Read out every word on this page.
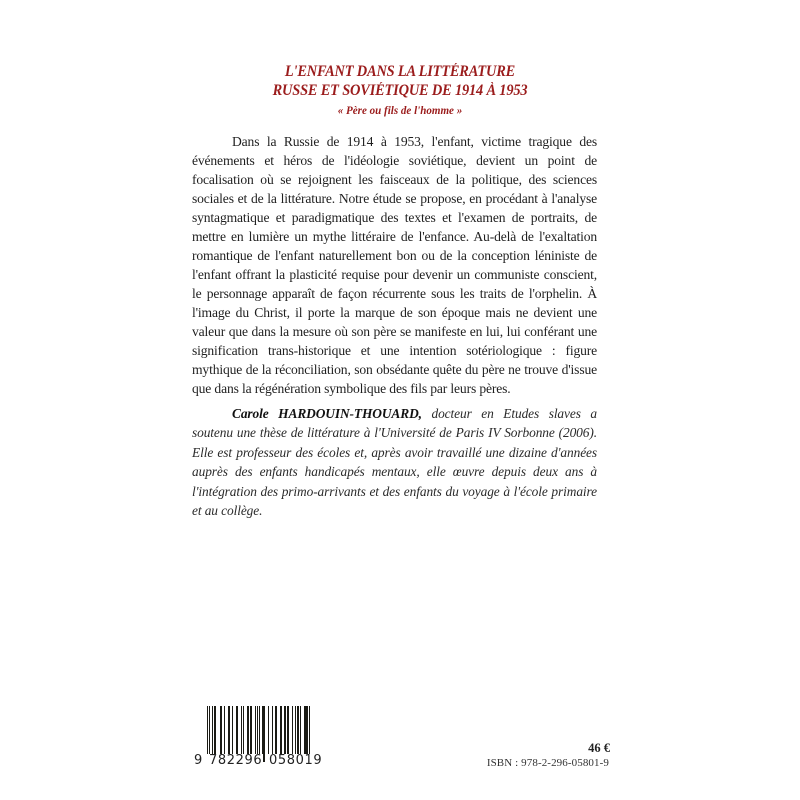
L'ENFANT DANS LA LITTÉRATURE
RUSSE ET SOVIÉTIQUE DE 1914 À 1953
« Père ou fils de l'homme »

Dans la Russie de 1914 à 1953, l'enfant, victime tragique des événements et héros de l'idéologie soviétique, devient un point de focalisation où se rejoignent les faisceaux de la politique, des sciences sociales et de la littérature. Notre étude se propose, en procédant à l'analyse syntagmatique et paradigmatique des textes et l'examen de portraits, de mettre en lumière un mythe littéraire de l'enfance. Au-delà de l'exaltation romantique de l'enfant naturellement bon ou de la conception léniniste de l'enfant offrant la plasticité requise pour devenir un communiste conscient, le personnage apparaît de façon récurrente sous les traits de l'orphelin. À l'image du Christ, il porte la marque de son époque mais ne devient une valeur que dans la mesure où son père se manifeste en lui, lui conférant une signification trans-historique et une intention sotériologique : figure mythique de la réconciliation, son obsédante quête du père ne trouve d'issue que dans la régénération symbolique des fils par leurs pères.

Carole HARDOUIN-THOUARD, docteur en Etudes slaves a soutenu une thèse de littérature à l'Université de Paris IV Sorbonne (2006). Elle est professeur des écoles et, après avoir travaillé une dizaine d'années auprès des enfants handicapés mentaux, elle œuvre depuis deux ans à l'intégration des primo-arrivants et des enfants du voyage à l'école primaire et au collège.

9 782296 058019
46 €
ISBN : 978-2-296-05801-9
